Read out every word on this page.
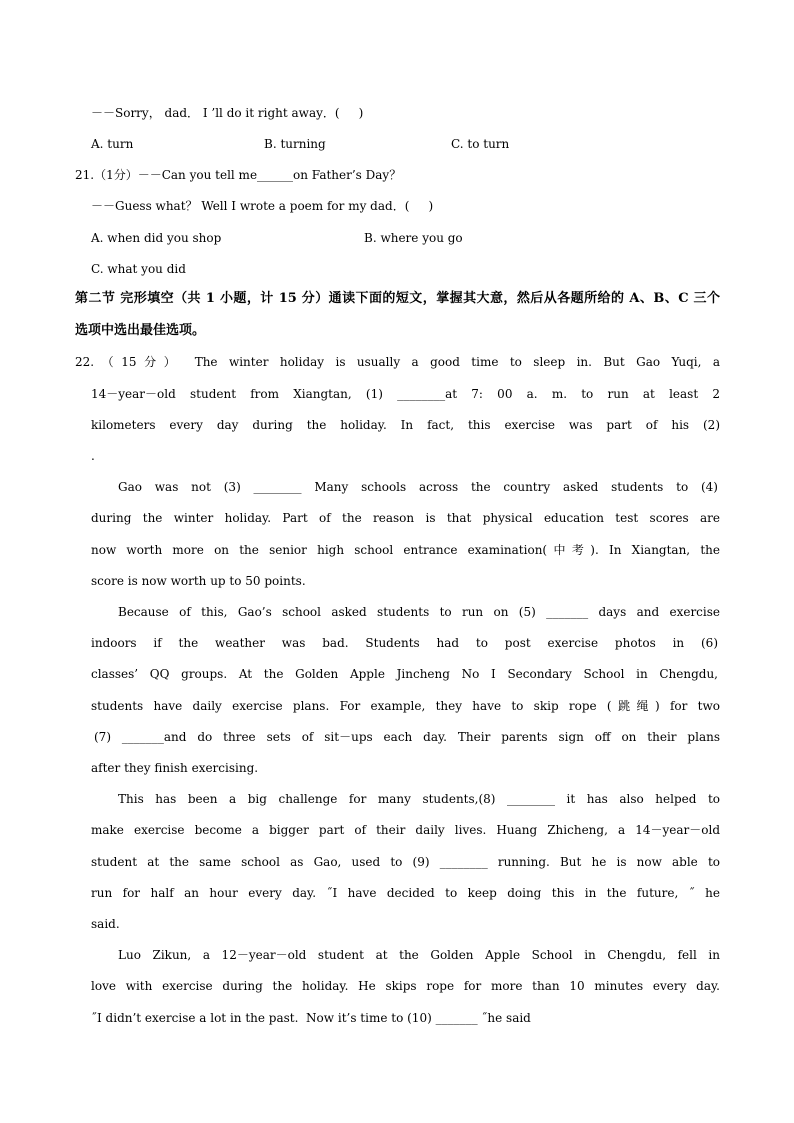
－－Sorry， dad． I ’ll do it right away．(     )
A. turn	B. turning	C. to turn
21.（1分）－－Can you tell me______on Father’s Day？
－－Guess what？ Well I wrote a poem for my dad．(     )
A. when did you shop	B. where you go
C. what you did
第二节 完形填空（共 1 小题，计 15 分）通读下面的短文，掌握其大意，然后从各题所给的 A、B、C 三个
选项中选出最佳选项。
22.（15分） The winter holiday is usually a good time to sleep in. But Gao Yuqi, a
14－year－old student from Xiangtan, (1) ________at 7: 00 a. m. to run at least 2
kilometers every day during the holiday. In fact, this exercise was part of his (2)
.
Gao was not (3) ________ Many schools across the country asked students to (4)
during the winter holiday. Part of the reason is that physical education test scores are
now worth more on the senior high school entrance examination(中考). In Xiangtan, the
score is now worth up to 50 points.
Because of this, Gao’s school asked students to run on (5) _______ days and exercise
indoors if the weather was bad. Students had to post exercise photos in (6)
classes’ QQ groups. At the Golden Apple Jincheng No I Secondary School in Chengdu,
students have daily exercise plans. For example, they have to skip rope (跳绳) for two
(7) _______and do three sets of sit－ups each day. Their parents sign off on their plans
after they finish exercising.
This has been a big challenge for many students,(8) ________ it has also helped to
make exercise become a bigger part of their daily lives. Huang Zhicheng, a 14－year－old
student at the same school as Gao, used to (9) ________ running. But he is now able to
run for half an hour every day. ˝I have decided to keep doing this in the future, ˝ he
said.
Luo Zikun, a 12－year－old student at the Golden Apple School in Chengdu, fell in
love with exercise during the holiday. He skips rope for more than 10 minutes every day.
˝I didn’t exercise a lot in the past.  Now it’s time to (10) _______ ˝he said
